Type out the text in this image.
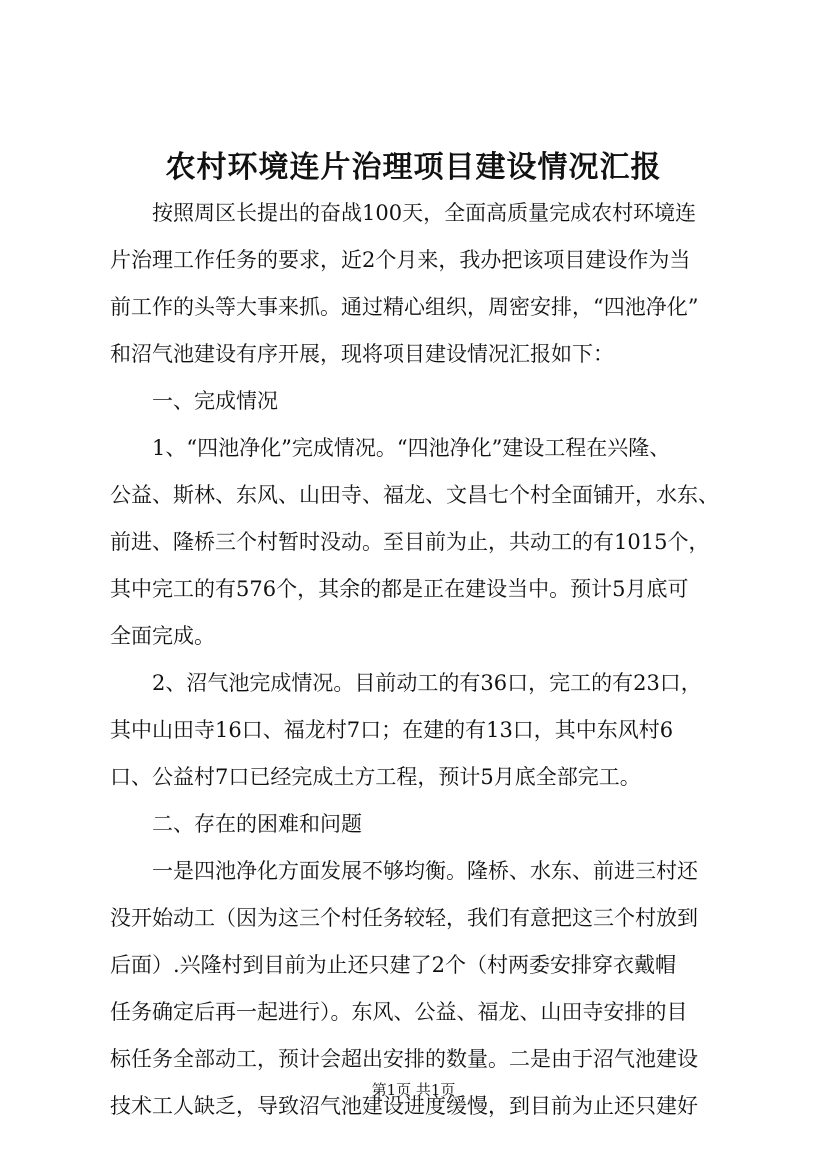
农村环境连片治理项目建设情况汇报
按照周区长提出的奋战100天，全面高质量完成农村环境连
片治理工作任务的要求，近2个月来，我办把该项目建设作为当
前工作的头等大事来抓。通过精心组织，周密安排，“四池净化”
和沼气池建设有序开展，现将项目建设情况汇报如下：
一、完成情况
1、“四池净化”完成情况。“四池净化”建设工程在兴隆、
公益、斯林、东风、山田寺、福龙、文昌七个村全面铺开，水东、
前进、隆桥三个村暂时没动。至目前为止，共动工的有1015个，
其中完工的有576个，其余的都是正在建设当中。预计5月底可
全面完成。
2、沼气池完成情况。目前动工的有36口，完工的有23口，
其中山田寺16口、福龙村7口；在建的有13口，其中东风村6
口、公益村7口已经完成土方工程，预计5月底全部完工。
二、存在的困难和问题
一是四池净化方面发展不够均衡。隆桥、水东、前进三村还
没开始动工（因为这三个村任务较轻，我们有意把这三个村放到
后面）.兴隆村到目前为止还只建了2个（村两委安排穿衣戴帽
任务确定后再一起进行）。东风、公益、福龙、山田寺安排的目
标任务全部动工，预计会超出安排的数量。二是由于沼气池建设
技术工人缺乏，导致沼气池建设进度缓慢，到目前为止还只建好
第1页 共1页
